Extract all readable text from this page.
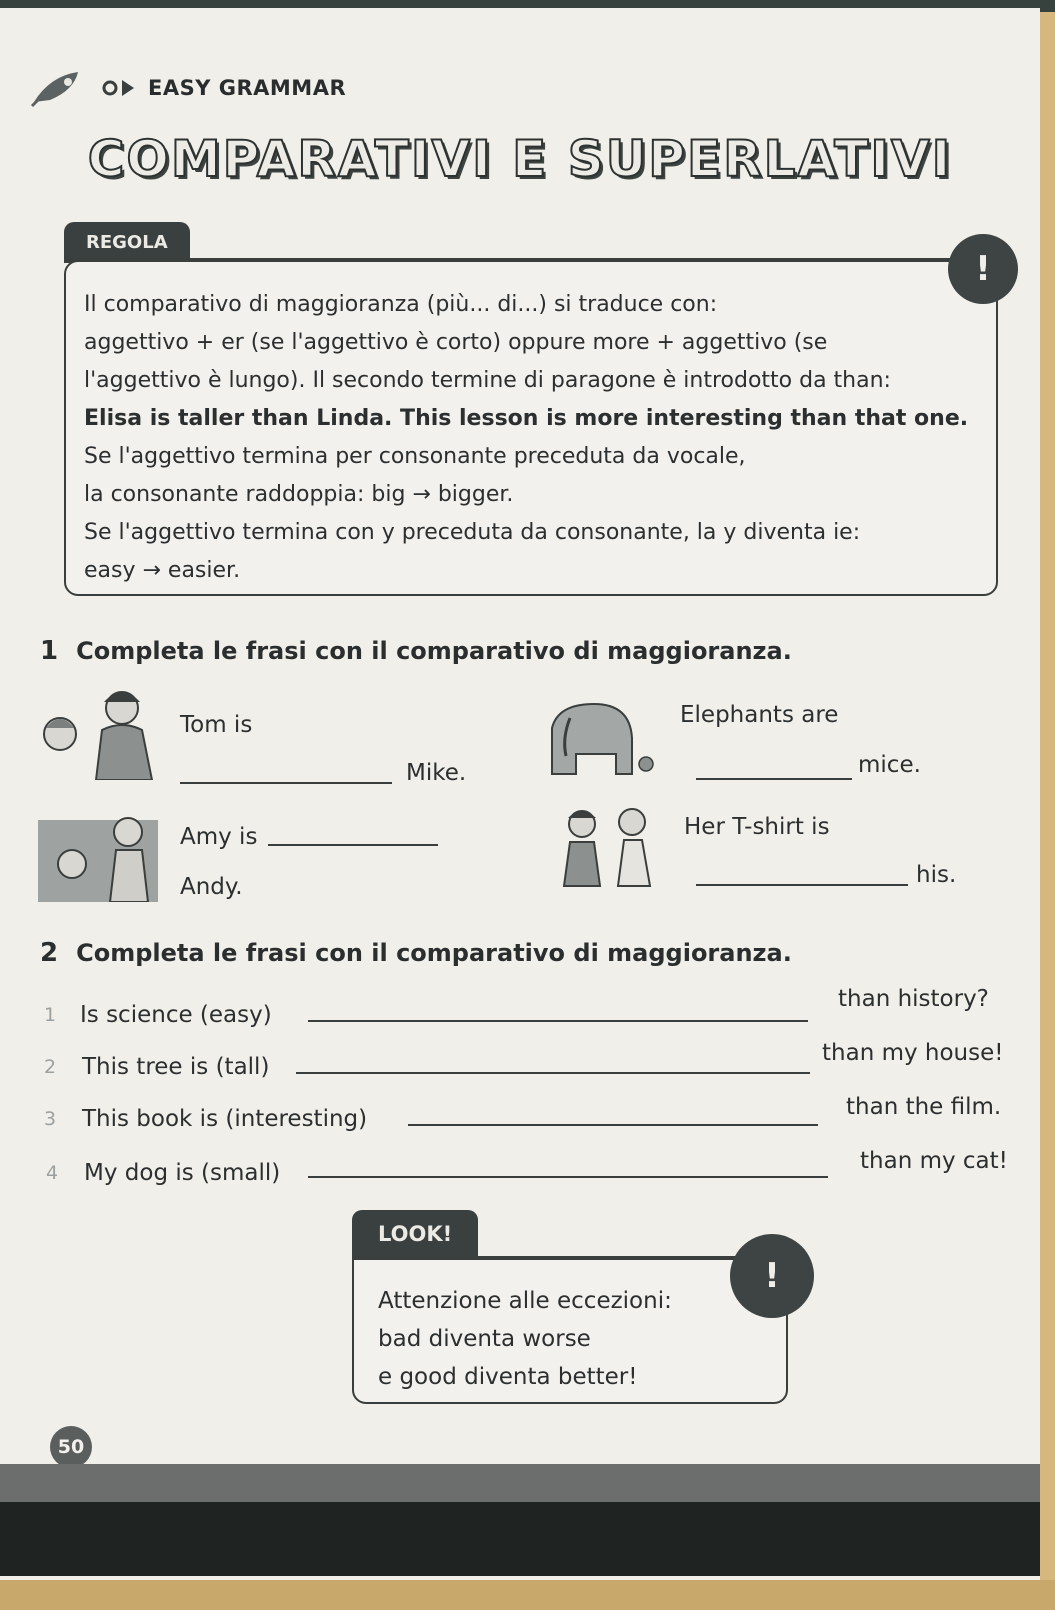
EASY GRAMMAR
COMPARATIVI E SUPERLATIVI
REGOLA
!
Il comparativo di maggioranza (più... di...) si traduce con:
aggettivo + er (se l'aggettivo è corto) oppure more + aggettivo (se
l'aggettivo è lungo). Il secondo termine di paragone è introdotto da than:
Elisa is taller than Linda. This lesson is more interesting than that one.
Se l'aggettivo termina per consonante preceduta da vocale,
la consonante raddoppia: big → bigger.
Se l'aggettivo termina con y preceduta da consonante, la y diventa ie:
easy → easier.
1 Completa le frasi con il comparativo di maggioranza.
Tom is
Mike.
Elephants are
mice.
Amy is
Andy.
Her T-shirt is
his.
2 Completa le frasi con il comparativo di maggioranza.
1 Is science (easy)
than history?
2 This tree is (tall)
than my house!
3 This book is (interesting)	than the film.
4 My dog is (small)	than my cat!
LOOK!
!
Attenzione alle eccezioni:
bad diventa worse
e good diventa better!
50
